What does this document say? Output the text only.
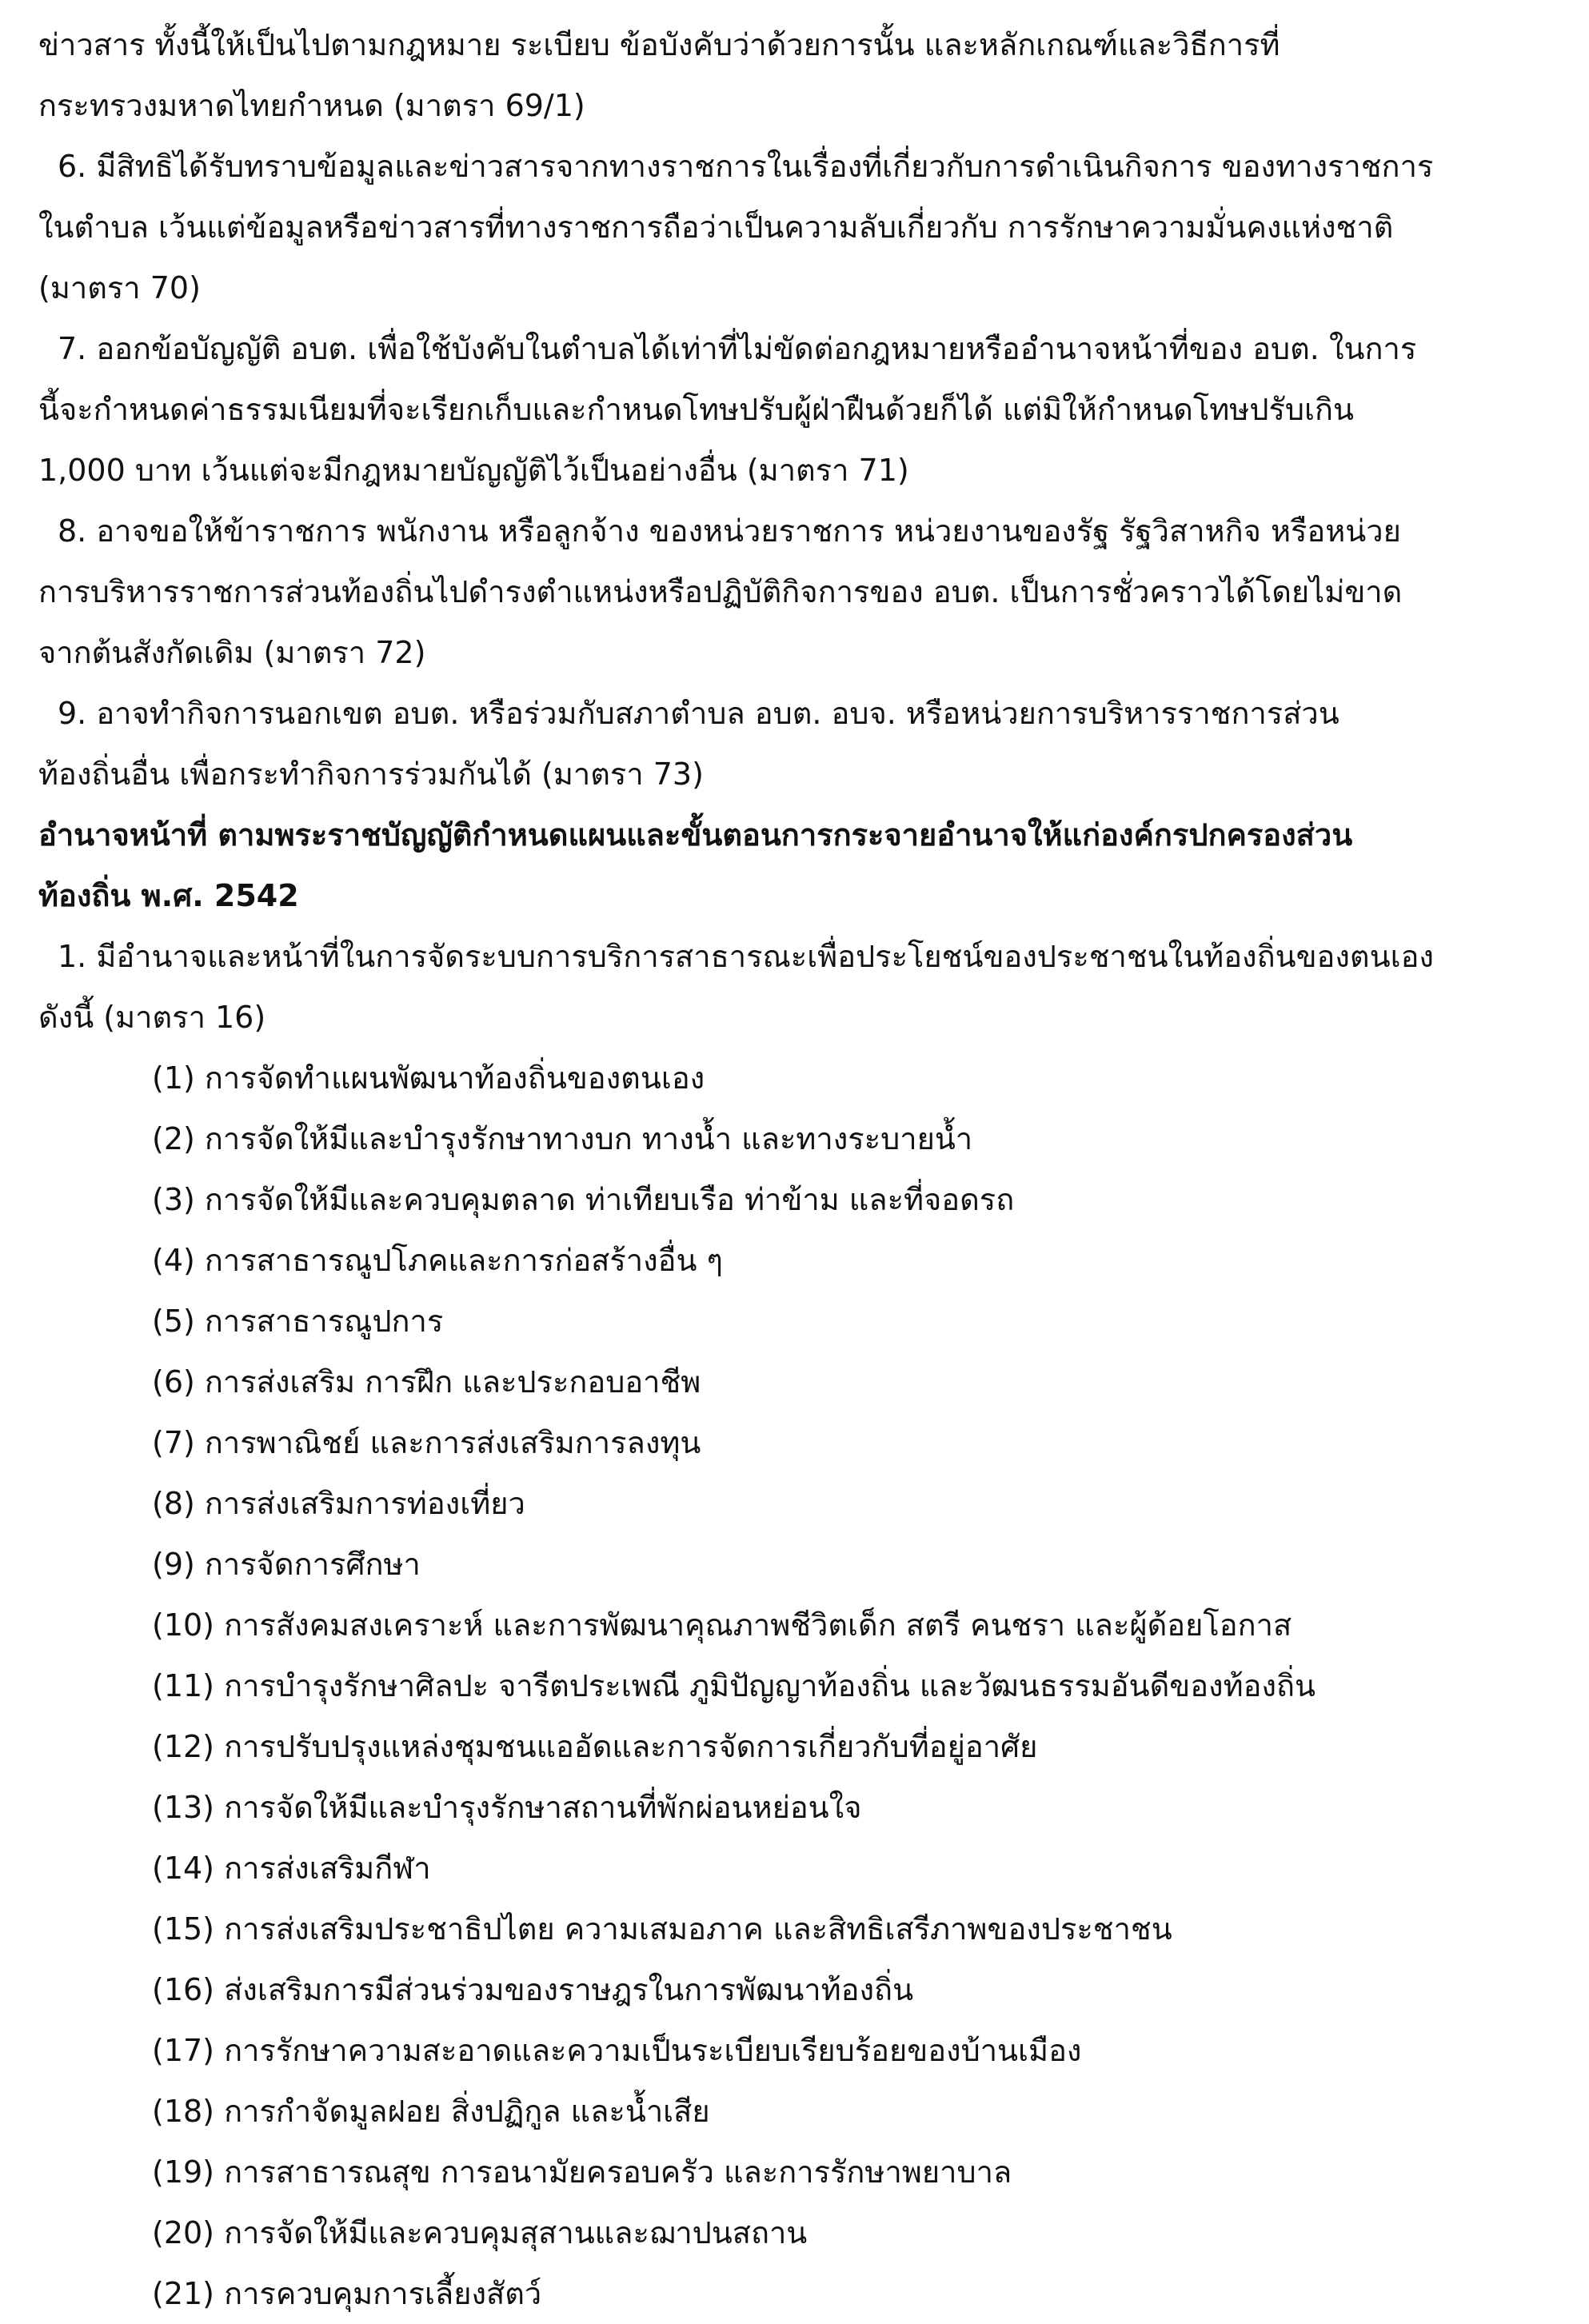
ข่าวสาร ทั้งนี้ให้เป็นไปตามกฎหมาย ระเบียบ ข้อบังคับว่าด้วยการนั้น และหลักเกณฑ์และวิธีการที่
กระทรวงมหาดไทยกำหนด (มาตรา 69/1)
6. มีสิทธิได้รับทราบข้อมูลและข่าวสารจากทางราชการในเรื่องที่เกี่ยวกับการดำเนินกิจการ ของทางราชการ
ในตำบล เว้นแต่ข้อมูลหรือข่าวสารที่ทางราชการถือว่าเป็นความลับเกี่ยวกับ การรักษาความมั่นคงแห่งชาติ
(มาตรา 70)
7. ออกข้อบัญญัติ อบต. เพื่อใช้บังคับในตำบลได้เท่าที่ไม่ขัดต่อกฎหมายหรืออำนาจหน้าที่ของ อบต. ในการ
นี้จะกำหนดค่าธรรมเนียมที่จะเรียกเก็บและกำหนดโทษปรับผู้ฝ่าฝืนด้วยก็ได้ แต่มิให้กำหนดโทษปรับเกิน
1,000 บาท เว้นแต่จะมีกฎหมายบัญญัติไว้เป็นอย่างอื่น (มาตรา 71)
8. อาจขอให้ข้าราชการ พนักงาน หรือลูกจ้าง ของหน่วยราชการ หน่วยงานของรัฐ รัฐวิสาหกิจ หรือหน่วย
การบริหารราชการส่วนท้องถิ่นไปดำรงตำแหน่งหรือปฏิบัติกิจการของ อบต. เป็นการชั่วคราวได้โดยไม่ขาด
จากต้นสังกัดเดิม (มาตรา 72)
9. อาจทำกิจการนอกเขต อบต. หรือร่วมกับสภาตำบล อบต. อบจ. หรือหน่วยการบริหารราชการส่วน
ท้องถิ่นอื่น เพื่อกระทำกิจการร่วมกันได้ (มาตรา 73)
อำนาจหน้าที่ ตามพระราชบัญญัติกำหนดแผนและขั้นตอนการกระจายอำนาจให้แก่องค์กรปกครองส่วน
ท้องถิ่น พ.ศ. 2542
1. มีอำนาจและหน้าที่ในการจัดระบบการบริการสาธารณะเพื่อประโยชน์ของประชาชนในท้องถิ่นของตนเอง
ดังนี้ (มาตรา 16)
(1) การจัดทำแผนพัฒนาท้องถิ่นของตนเอง
(2) การจัดให้มีและบำรุงรักษาทางบก ทางน้ำ และทางระบายน้ำ
(3) การจัดให้มีและควบคุมตลาด ท่าเทียบเรือ ท่าข้าม และที่จอดรถ
(4) การสาธารณูปโภคและการก่อสร้างอื่น ๆ
(5) การสาธารณูปการ
(6) การส่งเสริม การฝึก และประกอบอาชีพ
(7) การพาณิชย์ และการส่งเสริมการลงทุน
(8) การส่งเสริมการท่องเที่ยว
(9) การจัดการศึกษา
(10) การสังคมสงเคราะห์ และการพัฒนาคุณภาพชีวิตเด็ก สตรี คนชรา และผู้ด้อยโอกาส
(11) การบำรุงรักษาศิลปะ จารีตประเพณี ภูมิปัญญาท้องถิ่น และวัฒนธรรมอันดีของท้องถิ่น
(12) การปรับปรุงแหล่งชุมชนแออัดและการจัดการเกี่ยวกับที่อยู่อาศัย
(13) การจัดให้มีและบำรุงรักษาสถานที่พักผ่อนหย่อนใจ
(14) การส่งเสริมกีฬา
(15) การส่งเสริมประชาธิปไตย ความเสมอภาค และสิทธิเสรีภาพของประชาชน
(16) ส่งเสริมการมีส่วนร่วมของราษฎรในการพัฒนาท้องถิ่น
(17) การรักษาความสะอาดและความเป็นระเบียบเรียบร้อยของบ้านเมือง
(18) การกำจัดมูลฝอย สิ่งปฏิกูล และน้ำเสีย
(19) การสาธารณสุข การอนามัยครอบครัว และการรักษาพยาบาล
(20) การจัดให้มีและควบคุมสุสานและฌาปนสถาน
(21) การควบคุมการเลี้ยงสัตว์
